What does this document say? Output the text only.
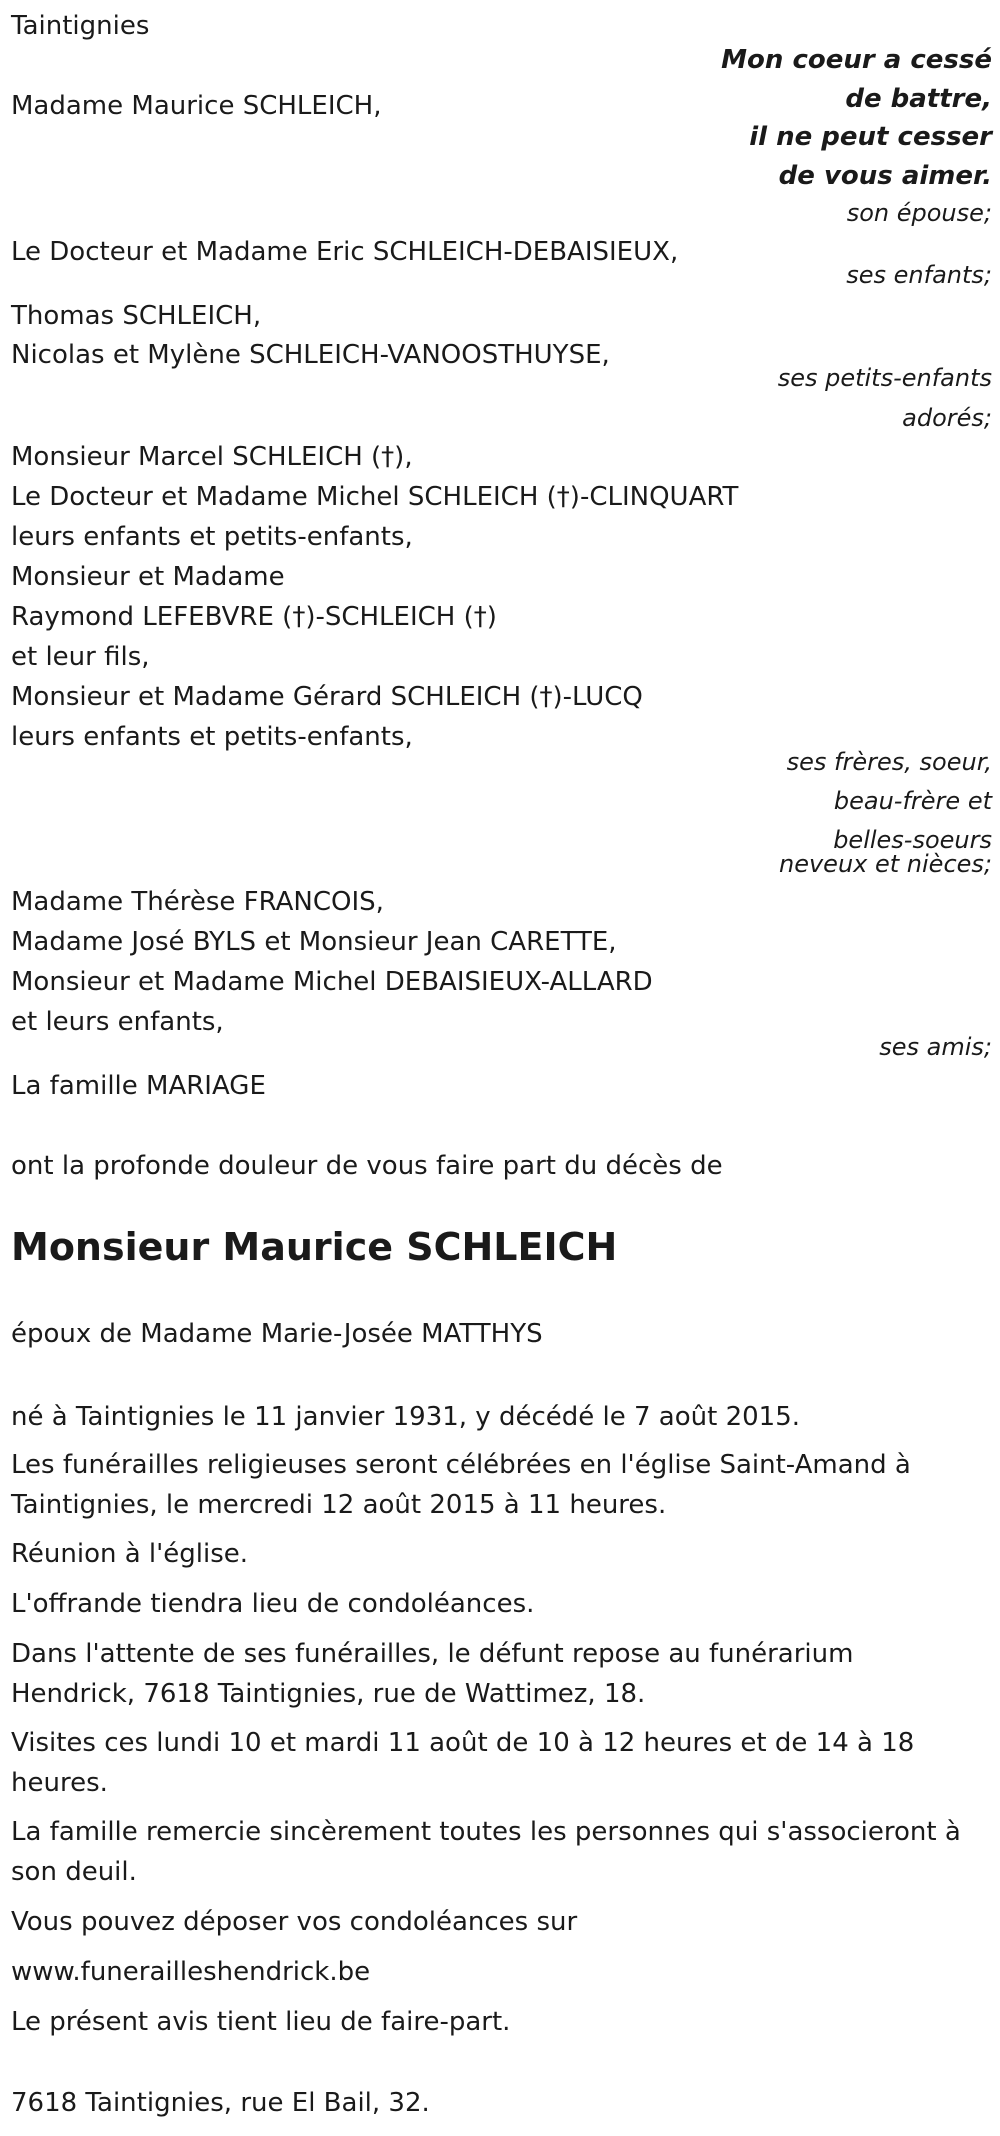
Taintignies
Mon coeur a cessé
de battre,
il ne peut cesser
de vous aimer.
Madame Maurice SCHLEICH,
son épouse;
Le Docteur et Madame Eric SCHLEICH-DEBAISIEUX,
ses enfants;
Thomas SCHLEICH,
Nicolas et Mylène SCHLEICH-VANOOSTHUYSE,
ses petits-enfants
adorés;
Monsieur Marcel SCHLEICH (†),
Le Docteur et Madame Michel SCHLEICH (†)-CLINQUART
leurs enfants et petits-enfants,
Monsieur et Madame
Raymond LEFEBVRE (†)-SCHLEICH (†)
et leur fils,
Monsieur et Madame Gérard SCHLEICH (†)-LUCQ
leurs enfants et petits-enfants,
ses frères, soeur,
beau-frère et
belles-soeurs
neveux et nièces;
Madame Thérèse FRANCOIS,
Madame José BYLS et Monsieur Jean CARETTE,
Monsieur et Madame Michel DEBAISIEUX-ALLARD
et leurs enfants,
ses amis;
La famille MARIAGE
ont la profonde douleur de vous faire part du décès de
Monsieur Maurice SCHLEICH
époux de Madame Marie-Josée MATTHYS
né à Taintignies le 11 janvier 1931, y décédé le 7 août 2015.
Les funérailles religieuses seront célébrées en l'église Saint-Amand à
Taintignies, le mercredi 12 août 2015 à 11 heures.
Réunion à l'église.
L'offrande tiendra lieu de condoléances.
Dans l'attente de ses funérailles, le défunt repose au funérarium
Hendrick, 7618 Taintignies, rue de Wattimez, 18.
Visites ces lundi 10 et mardi 11 août de 10 à 12 heures et de 14 à 18
heures.
La famille remercie sincèrement toutes les personnes qui s'associeront à
son deuil.
Vous pouvez déposer vos condoléances sur
www.funerailleshendrick.be
Le présent avis tient lieu de faire-part.
7618 Taintignies, rue El Bail, 32.
